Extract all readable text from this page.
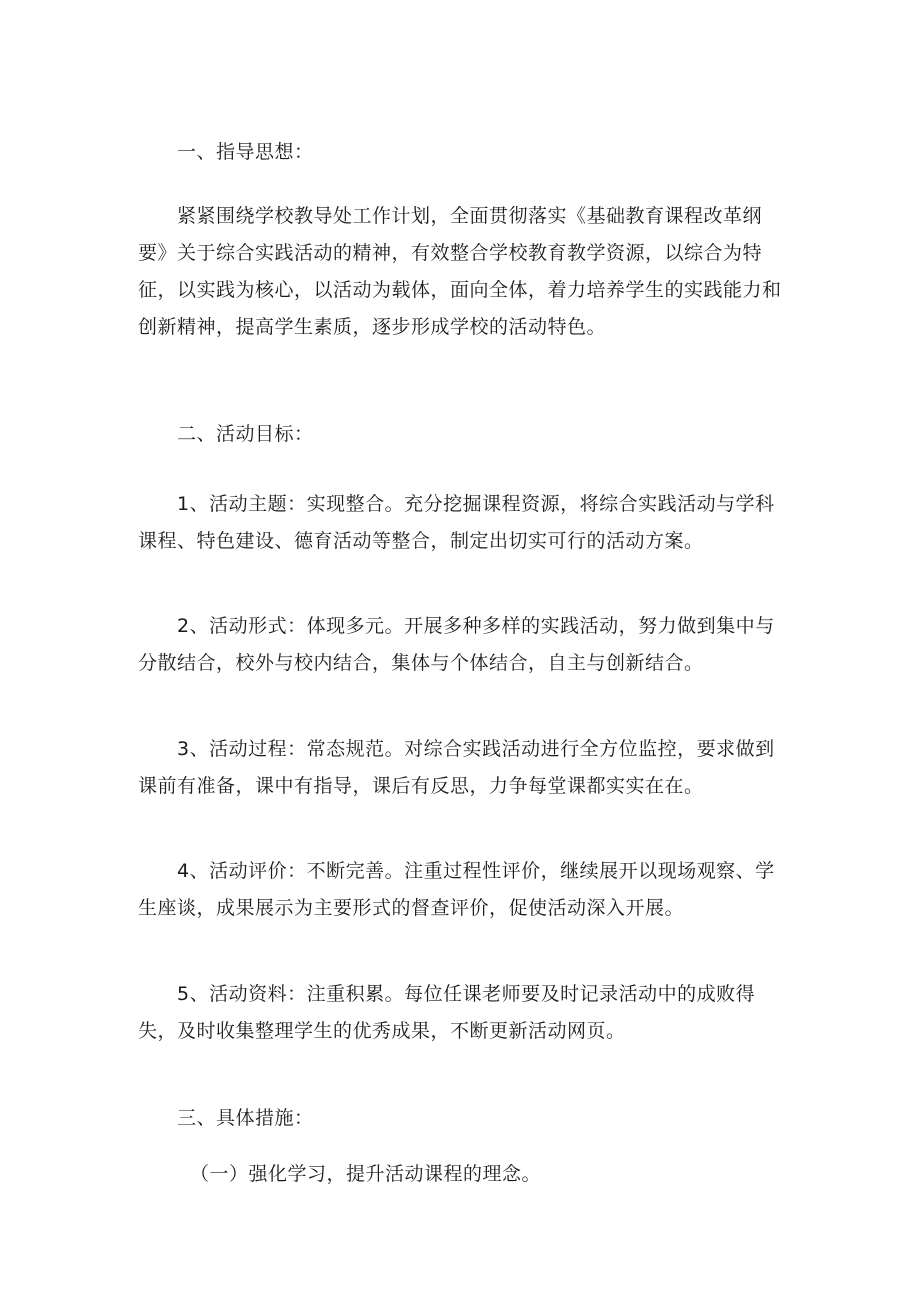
一、指导思想：

紧紧围绕学校教导处工作计划，全面贯彻落实《基础教育课程改革纲要》关于综合实践活动的精神，有效整合学校教育教学资源，以综合为特征，以实践为核心，以活动为载体，面向全体，着力培养学生的实践能力和创新精神，提高学生素质，逐步形成学校的活动特色。

二、活动目标：

1、活动主题：实现整合。充分挖掘课程资源，将综合实践活动与学科课程、特色建设、德育活动等整合，制定出切实可行的活动方案。

2、活动形式：体现多元。开展多种多样的实践活动，努力做到集中与分散结合，校外与校内结合，集体与个体结合，自主与创新结合。

3、活动过程：常态规范。对综合实践活动进行全方位监控，要求做到课前有准备，课中有指导，课后有反思，力争每堂课都实实在在。

4、活动评价：不断完善。注重过程性评价，继续展开以现场观察、学生座谈，成果展示为主要形式的督查评价，促使活动深入开展。

5、活动资料：注重积累。每位任课老师要及时记录活动中的成败得失，及时收集整理学生的优秀成果，不断更新活动网页。

三、具体措施：

（一）强化学习，提升活动课程的理念。
